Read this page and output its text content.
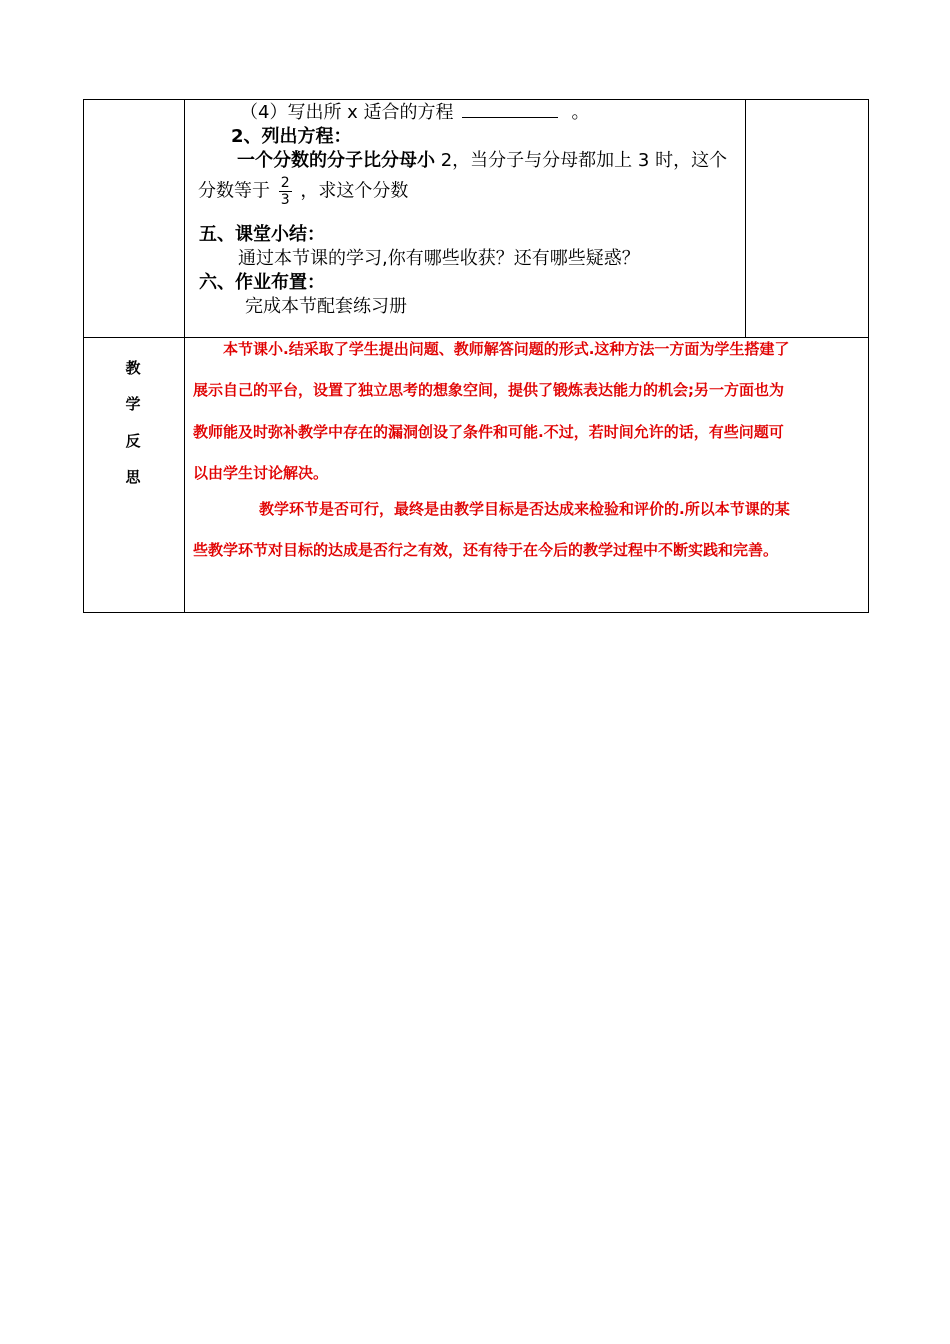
（4）写出所 x 适合的方程	。
2、列出方程：
一个分数的分子比分母小 2，当分子与分母都加上 3 时，这个
分数等于 $\frac{2}{3}$ ，求这个分数
五、课堂小结：
通过本节课的学习,你有哪些收获？还有哪些疑惑？
六、作业布置：
完成本节配套练习册
教
学
反
思
本节课小.结采取了学生提出问题、教师解答问题的形式.这种方法一方面为学生搭建了
展示自己的平台，设置了独立思考的想象空间，提供了锻炼表达能力的机会;另一方面也为
教师能及时弥补教学中存在的漏洞创设了条件和可能.不过，若时间允许的话，有些问题可
以由学生讨论解决。
教学环节是否可行，最终是由教学目标是否达成来检验和评价的.所以本节课的某
些教学环节对目标的达成是否行之有效，还有待于在今后的教学过程中不断实践和完善。
